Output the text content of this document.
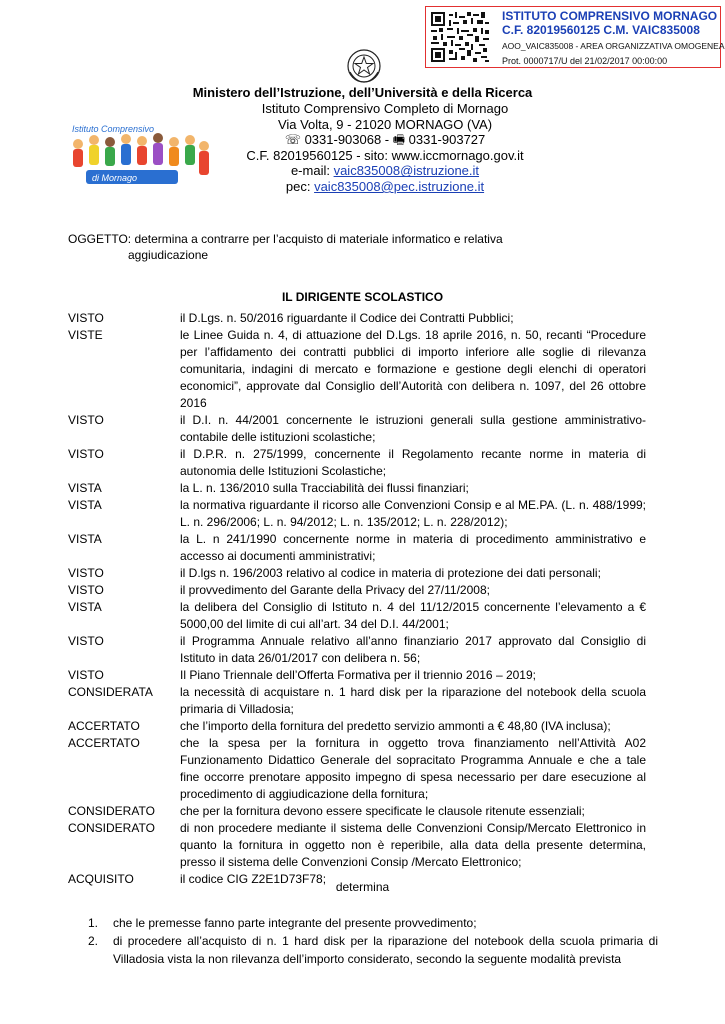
ISTITUTO COMPRENSIVO MORNAGO
C.F. 82019560125 C.M. VAIC835008
AOO_VAIC835008 - AREA ORGANIZZATIVA OMOGENEA
Prot. 0000717/U del 21/02/2017 00:00:00
Ministero dell’Istruzione, dell’Università e della Ricerca
Istituto Comprensivo
di Mornago
Istituto Comprensivo Completo di Mornago
Via Volta, 9 - 21020 MORNAGO (VA)
☏ 0331-903068 - 🖷 0331-903727
C.F. 82019560125 - sito: www.iccmornago.gov.it
e-mail: vaic835008@istruzione.it
pec: vaic835008@pec.istruzione.it
OGGETTO: determina a contrarre per l’acquisto di materiale informatico e relativa
aggiudicazione
IL DIRIGENTE SCOLASTICO
VISTO	il D.Lgs. n. 50/2016 riguardante il Codice dei Contratti Pubblici;
VISTE	le Linee Guida n. 4, di attuazione del D.Lgs. 18 aprile 2016, n. 50, recanti “Procedure per l’affidamento dei contratti pubblici di importo inferiore alle soglie di rilevanza comunitaria, indagini di mercato e formazione e gestione degli elenchi di operatori economici”, approvate dal Consiglio dell’Autorità con delibera n. 1097, del 26 ottobre 2016
VISTO	il D.I. n. 44/2001 concernente le istruzioni generali sulla gestione amministrativo-contabile delle istituzioni scolastiche;
VISTO	il D.P.R. n. 275/1999, concernente il Regolamento recante norme in materia di autonomia delle Istituzioni Scolastiche;
VISTA	la L. n. 136/2010 sulla Tracciabilità dei flussi finanziari;
VISTA	la normativa riguardante il ricorso alle Convenzioni Consip e al ME.PA. (L. n. 488/1999; L. n. 296/2006; L. n. 94/2012; L. n. 135/2012; L. n. 228/2012);
VISTA	la L. n 241/1990 concernente norme in materia di procedimento amministrativo e accesso ai documenti amministrativi;
VISTO	il D.lgs n. 196/2003 relativo al codice in materia di protezione dei dati personali;
VISTO	il provvedimento del Garante della Privacy del 27/11/2008;
VISTA	la delibera del Consiglio di Istituto n. 4 del 11/12/2015 concernente l’elevamento a € 5000,00 del limite di cui all’art. 34 del D.I. 44/2001;
VISTO	il Programma Annuale relativo all’anno finanziario 2017 approvato dal Consiglio di Istituto in data 26/01/2017 con delibera n. 56;
VISTO	Il Piano Triennale dell’Offerta Formativa per il triennio 2016 – 2019;
CONSIDERATA	la necessità di acquistare n. 1 hard disk per la riparazione del notebook della scuola primaria di Villadosia;
ACCERTATO	che l’importo della fornitura del predetto servizio ammonti a € 48,80 (IVA inclusa);
ACCERTATO	che la spesa per la fornitura in oggetto trova finanziamento nell’Attività A02 Funzionamento Didattico Generale del sopracitato Programma Annuale e che a tale fine occorre prenotare apposito impegno di spesa necessario per dare esecuzione al procedimento di aggiudicazione della fornitura;
CONSIDERATO	che per la fornitura devono essere specificate le clausole ritenute essenziali;
CONSIDERATO	di non procedere mediante il sistema delle Convenzioni Consip/Mercato Elettronico in quanto la fornitura in oggetto non è reperibile, alla data della presente determina, presso il sistema delle Convenzioni Consip /Mercato Elettronico;
ACQUISITO	il codice CIG Z2E1D73F78;
determina
1.	che le premesse fanno parte integrante del presente provvedimento;
2.	di procedere all’acquisto di n. 1 hard disk per la riparazione del notebook della scuola primaria di Villadosia vista la non rilevanza dell’importo considerato, secondo la seguente modalità prevista
